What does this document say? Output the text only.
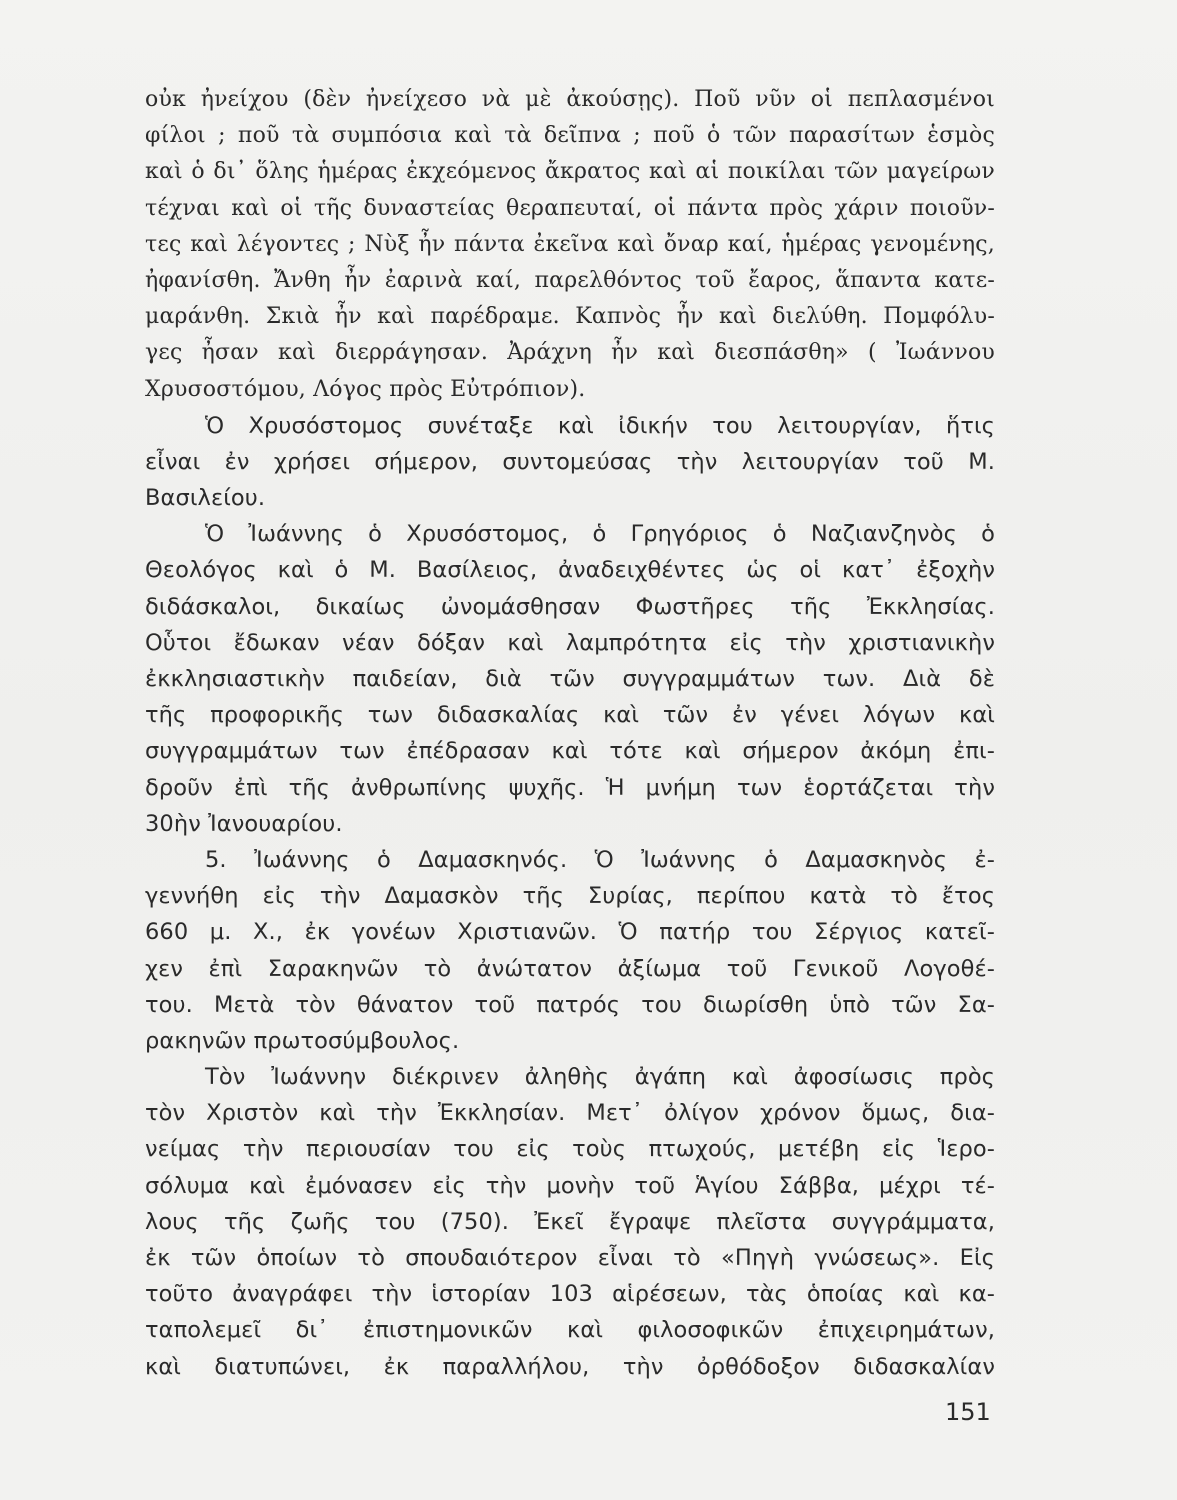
οὐκ ἠνείχου (δὲν ἠνείχεσο νὰ μὲ ἀκούσῃς). Ποῦ νῦν οἱ πεπλασμένοι
φίλοι ; ποῦ τὰ συμπόσια καὶ τὰ δεῖπνα ; ποῦ ὁ τῶν παρασίτων ἑσμὸς
καὶ ὁ δι᾽ ὅλης ἡμέρας ἐκχεόμενος ἄκρατος καὶ αἱ ποικίλαι τῶν μαγείρων
τέχναι καὶ οἱ τῆς δυναστείας θεραπευταί, οἱ πάντα πρὸς χάριν ποιοῦν-
τες καὶ λέγοντες ; Νὺξ ἦν πάντα ἐκεῖνα καὶ ὄναρ καί, ἡμέρας γενομένης,
ἠφανίσθη. Ἄνθη ἦν ἐαρινὰ καί, παρελθόντος τοῦ ἔαρος, ἅπαντα κατε-
μαράνθη. Σκιὰ ἦν καὶ παρέδραμε. Καπνὸς ἦν καὶ διελύθη. Πομφόλυ-
γες ἦσαν καὶ διερράγησαν. Ἀράχνη ἦν καὶ διεσπάσθη» ( Ἰωάννου
Χρυσοστόμου, Λόγος πρὸς Εὐτρόπιον).
Ὁ Χρυσόστομος συνέταξε καὶ ἰδικήν του λειτουργίαν, ἥτις
εἶναι ἐν χρήσει σήμερον, συντομεύσας τὴν λειτουργίαν τοῦ Μ.
Βασιλείου.
Ὁ Ἰωάννης ὁ Χρυσόστομος, ὁ Γρηγόριος ὁ Ναζιανζηνὸς ὁ
Θεολόγος καὶ ὁ Μ. Βασίλειος, ἀναδειχθέντες ὡς οἱ κατ᾽ ἐξοχὴν
διδάσκαλοι, δικαίως ὠνομάσθησαν Φωστῆρες τῆς Ἐκκλησίας.
Οὗτοι ἔδωκαν νέαν δόξαν καὶ λαμπρότητα εἰς τὴν χριστιανικὴν
ἐκκλησιαστικὴν παιδείαν, διὰ τῶν συγγραμμάτων των. Διὰ δὲ
τῆς προφορικῆς των διδασκαλίας καὶ τῶν ἐν γένει λόγων καὶ
συγγραμμάτων των ἐπέδρασαν καὶ τότε καὶ σήμερον ἀκόμη ἐπι-
δροῦν ἐπὶ τῆς ἀνθρωπίνης ψυχῆς. Ἡ μνήμη των ἑορτάζεται τὴν
30ὴν Ἰανουαρίου.
5. Ἰωάννης ὁ Δαμασκηνός. Ὁ Ἰωάννης ὁ Δαμασκηνὸς ἐ-
γεννήθη εἰς τὴν Δαμασκὸν τῆς Συρίας, περίπου κατὰ τὸ ἔτος
660 μ. Χ., ἐκ γονέων Χριστιανῶν. Ὁ πατήρ του Σέργιος κατεῖ-
χεν ἐπὶ Σαρακηνῶν τὸ ἀνώτατον ἀξίωμα τοῦ Γενικοῦ Λογοθέ-
του. Μετὰ τὸν θάνατον τοῦ πατρός του διωρίσθη ὑπὸ τῶν Σα-
ρακηνῶν πρωτοσύμβουλος.
Τὸν Ἰωάννην διέκρινεν ἀληθὴς ἀγάπη καὶ ἀφοσίωσις πρὸς
τὸν Χριστὸν καὶ τὴν Ἐκκλησίαν. Μετ᾽ ὀλίγον χρόνον ὅμως, δια-
νείμας τὴν περιουσίαν του εἰς τοὺς πτωχούς, μετέβη εἰς Ἱερο-
σόλυμα καὶ ἐμόνασεν εἰς τὴν μονὴν τοῦ Ἁγίου Σάββα, μέχρι τέ-
λους τῆς ζωῆς του (750). Ἐκεῖ ἔγραψε πλεῖστα συγγράμματα,
ἐκ τῶν ὁποίων τὸ σπουδαιότερον εἶναι τὸ «Πηγὴ γνώσεως». Εἰς
τοῦτο ἀναγράφει τὴν ἱστορίαν 103 αἱρέσεων, τὰς ὁποίας καὶ κα-
ταπολεμεῖ δι᾽ ἐπιστημονικῶν καὶ φιλοσοφικῶν ἐπιχειρημάτων,
καὶ διατυπώνει, ἐκ παραλλήλου, τὴν ὀρθόδοξον διδασκαλίαν
151
